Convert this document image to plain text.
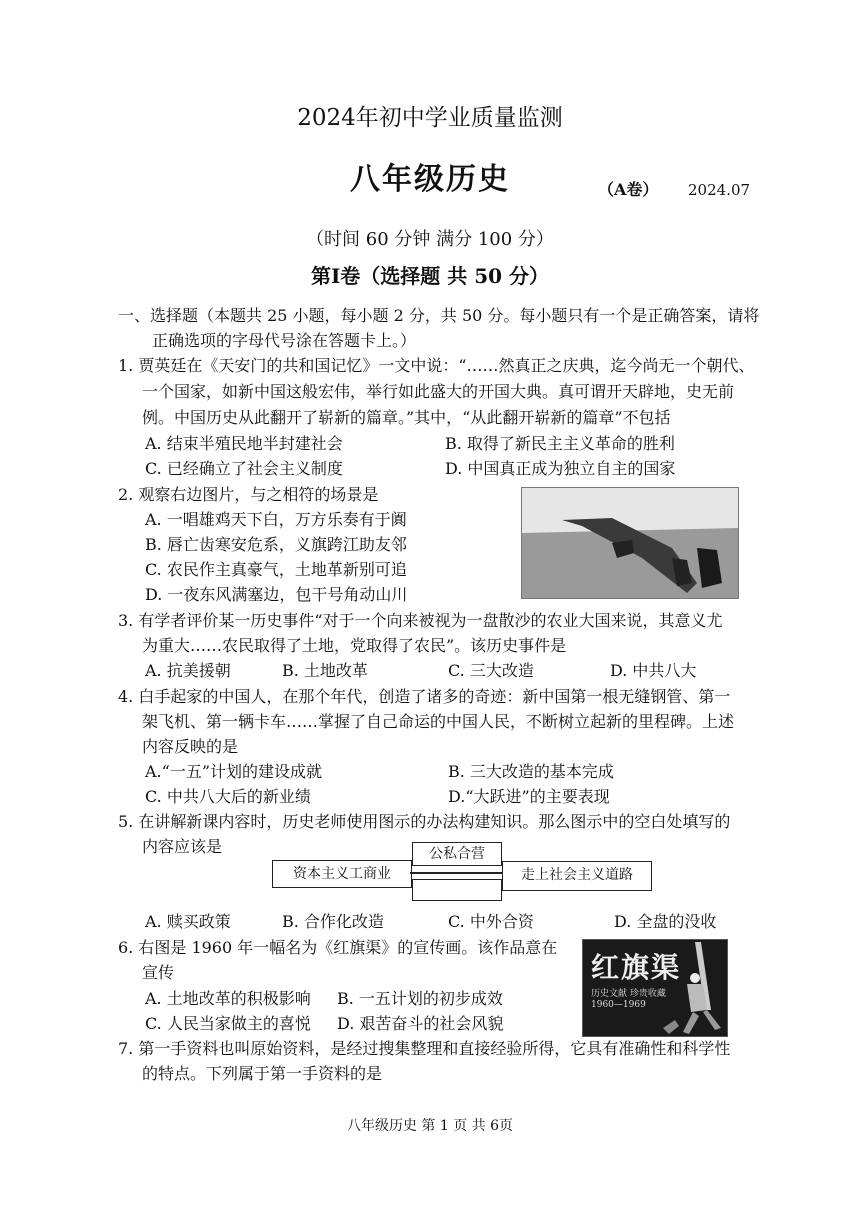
2024年初中学业质量监测
八年级历史	（A卷） 2024.07
（时间 60 分钟 满分 100 分）
第Ⅰ卷（选择题 共 50 分）
一、选择题（本题共 25 小题，每小题 2 分，共 50 分。每小题只有一个是正确答案，请将
正确选项的字母代号涂在答题卡上。）
1. 贾英廷在《天安门的共和国记忆》一文中说：“……然真正之庆典，迄今尚无一个朝代、
一个国家，如新中国这般宏伟，举行如此盛大的开国大典。真可谓开天辟地，史无前
例。中国历史从此翻开了崭新的篇章。”其中，“从此翻开崭新的篇章”不包括
A. 结束半殖民地半封建社会	B. 取得了新民主主义革命的胜利
C. 已经确立了社会主义制度	D. 中国真正成为独立自主的国家
2. 观察右边图片，与之相符的场景是
A. 一唱雄鸡天下白，万方乐奏有于阗
B. 唇亡齿寒安危系，义旗跨江助友邻
C. 农民作主真豪气，土地革新别可追
D. 一夜东风满塞边，包干号角动山川
3. 有学者评价某一历史事件“对于一个向来被视为一盘散沙的农业大国来说，其意义尤
为重大……农民取得了土地，党取得了农民”。该历史事件是
A. 抗美援朝	B. 土地改革	C. 三大改造	D. 中共八大
4. 白手起家的中国人，在那个年代，创造了诸多的奇迹：新中国第一根无缝钢管、第一
架飞机、第一辆卡车……掌握了自己命运的中国人民，不断树立起新的里程碑。上述
内容反映的是
A.“一五”计划的建设成就	B. 三大改造的基本完成
C. 中共八大后的新业绩	D.“大跃进”的主要表现
5. 在讲解新课内容时，历史老师使用图示的办法构建知识。那么图示中的空白处填写的
内容应该是
资本主义工商业
公私合营
走上社会主义道路
A. 赎买政策	B. 合作化改造	C. 中外合资	D. 全盘的没收
6. 右图是 1960 年一幅名为《红旗渠》的宣传画。该作品意在
宣传
A. 土地改革的积极影响 B. 一五计划的初步成效
C. 人民当家做主的喜悦 D. 艰苦奋斗的社会风貌
红旗渠
历史文献 珍贵收藏
1960—1969
7. 第一手资料也叫原始资料，是经过搜集整理和直接经验所得，它具有准确性和科学性
的特点。下列属于第一手资料的是
八年级历史 第 1 页 共 6页
